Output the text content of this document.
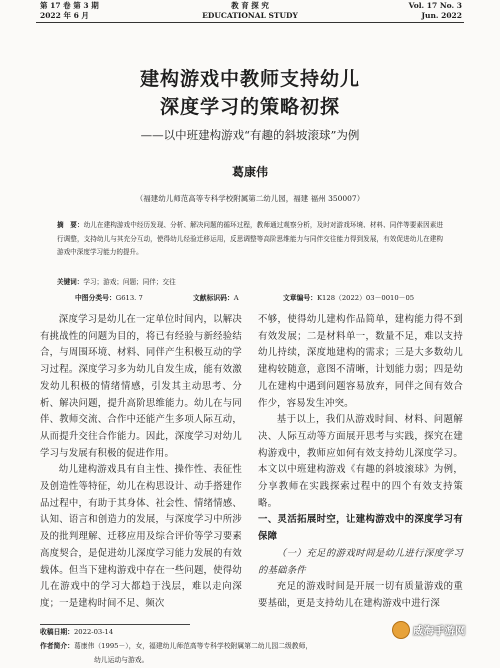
第 17 卷 第 3 期
2022 年 6 月
教 育 探 究
EDUCATIONAL STUDY
Vol. 17 No. 3
Jun. 2022
建构游戏中教师支持幼儿
深度学习的策略初探
——以中班建构游戏“有趣的斜坡滚球”为例
葛康伟
（福建幼儿师范高等专科学校附属第二幼儿园，福建 福州 350007）
摘　要：幼儿在建构游戏中经历发现、分析、解决问题的循环过程，教师通过观察分析，及时对游戏环境、材料、同伴等要素因素进行调整，支持幼儿与其充分互动，使得幼儿经验迁移运用，反思调整等高阶思维能力与同伴交往能力得到发展，有效促进幼儿在建构游戏中深度学习能力的提升。
关键词：学习；游戏；问题；同伴；交往
中图分类号：G613. 7	文献标识码：A	文章编号：K128（2022）03－0010－05

深度学习是幼儿在一定单位时间内，以解决有挑战性的问题为目的，将已有经验与新经验结合，与周围环境、材料、同伴产生积极互动的学习过程。深度学习多为幼儿自发生成，能有效激发幼儿积极的情绪情感，引发其主动思考、分析、解决问题，提升高阶思维能力。幼儿在与同伴、教师交流、合作中还能产生多项人际互动，从而提升交往合作能力。因此，深度学习对幼儿学习与发展有积极的促进作用。

幼儿建构游戏具有自主性、操作性、表征性及创造性等特征，幼儿在构思设计、动手搭建作品过程中，有助于其身体、社会性、情绪情感、认知、语言和创造力的发展，与深度学习中所涉及的批判理解、迁移应用及综合评价等学习要素高度契合，是促进幼儿深度学习能力发展的有效载体。但当下建构游戏中存在一些问题，使得幼儿在游戏中的学习大都趋于浅层，难以走向深度；一是建构时间不足、频次

不够，使得幼儿建构作品简单，建构能力得不到有效发展；二是材料单一，数量不足，难以支持幼儿持续，深度地建构的需求；三是大多数幼儿建构较随意，意图不清晰，计划能力弱；四是幼儿在建构中遇到问题容易放弃，同伴之间有效合作少，容易发生冲突。

基于以上，我们从游戏时间、材料、问题解决、人际互动等方面展开思考与实践，探究在建构游戏中，教师应如何有效支持幼儿深度学习。本文以中班建构游戏《有趣的斜坡滚球》为例，分享教师在实践探索过程中的四个有效支持策略。

一、灵活拓展时空，让建构游戏中的深度学习有保障

（一）充足的游戏时间是幼儿进行深度学习的基础条件

充足的游戏时间是开展一切有质量游戏的重要基础，更是支持幼儿在建构游戏中进行深

收稿日期：2022-03-14
作者简介：葛康伟（1995－），女，福建幼儿师范高等专科学校附属第二幼儿园二级教师，
幼儿运动与游戏。
威海手游网
